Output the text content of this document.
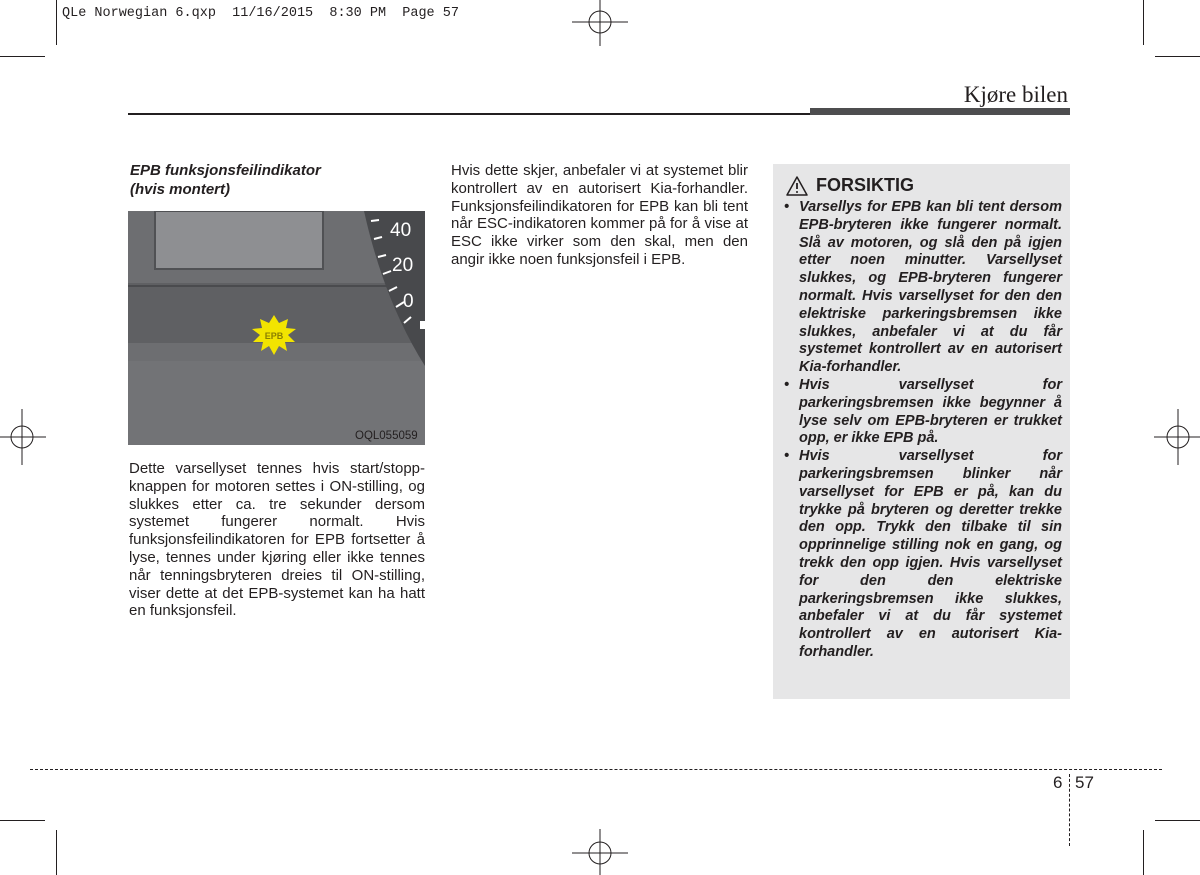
QLe Norwegian 6.qxp  11/16/2015  8:30 PM  Page 57
Kjøre bilen
EPB funksjonsfeilindikator
(hvis montert)
40
20
0
EPB
OQL055059
Dette varsellyset tennes hvis start/stopp-knappen for motoren settes i ON-stilling, og slukkes etter ca. tre sekunder dersom systemet fungerer normalt. Hvis funksjonsfeilindikatoren for EPB fortsetter å lyse, tennes under kjøring eller ikke tennes når tenningsbryteren dreies til ON-stilling, viser dette at det EPB-systemet kan ha hatt en funksjonsfeil.
Hvis dette skjer, anbefaler vi at systemet blir kontrollert av en autorisert Kia-forhandler. Funksjonsfeilindikatoren for EPB kan bli tent når ESC-indikatoren kommer på for å vise at ESC ikke virker som den skal, men den angir ikke noen funksjonsfeil i EPB.
FORSIKTIG
• Varsellys for EPB kan bli tent dersom EPB-bryteren ikke fungerer normalt. Slå av motoren, og slå den på igjen etter noen minutter. Varsellyset slukkes, og EPB-bryteren fungerer normalt. Hvis varsellyset for den den elektriske parkeringsbremsen ikke slukkes, anbefaler vi at du får systemet kontrollert av en autorisert Kia-forhandler.
• Hvis varsellyset for parkeringsbremsen ikke begynner å lyse selv om EPB-bryteren er trukket opp, er ikke EPB på.
• Hvis varsellyset for parkeringsbremsen blinker når varsellyset for EPB er på, kan du trykke på bryteren og deretter trekke den opp. Trykk den tilbake til sin opprinnelige stilling nok en gang, og trekk den opp igjen. Hvis varsellyset for den den elektriske parkeringsbremsen ikke slukkes, anbefaler vi at du får systemet kontrollert av en autorisert Kia-forhandler.
6 57
